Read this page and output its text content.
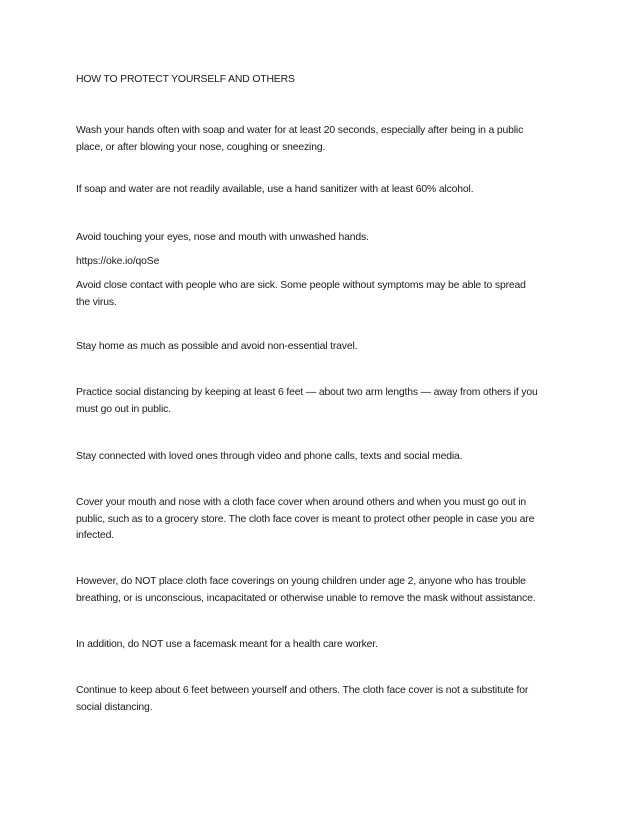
HOW TO PROTECT YOURSELF AND OTHERS
Wash your hands often with soap and water for at least 20 seconds, especially after being in a public
place, or after blowing your nose, coughing or sneezing.
If soap and water are not readily available, use a hand sanitizer with at least 60% alcohol.
Avoid touching your eyes, nose and mouth with unwashed hands.
https://oke.io/qoSe
Avoid close contact with people who are sick. Some people without symptoms may be able to spread
the virus.
Stay home as much as possible and avoid non-essential travel.
Practice social distancing by keeping at least 6 feet — about two arm lengths — away from others if you
must go out in public.
Stay connected with loved ones through video and phone calls, texts and social media.
Cover your mouth and nose with a cloth face cover when around others and when you must go out in
public, such as to a grocery store. The cloth face cover is meant to protect other people in case you are
infected.
However, do NOT place cloth face coverings on young children under age 2, anyone who has trouble
breathing, or is unconscious, incapacitated or otherwise unable to remove the mask without assistance.
In addition, do NOT use a facemask meant for a health care worker.
Continue to keep about 6 feet between yourself and others. The cloth face cover is not a substitute for
social distancing.
